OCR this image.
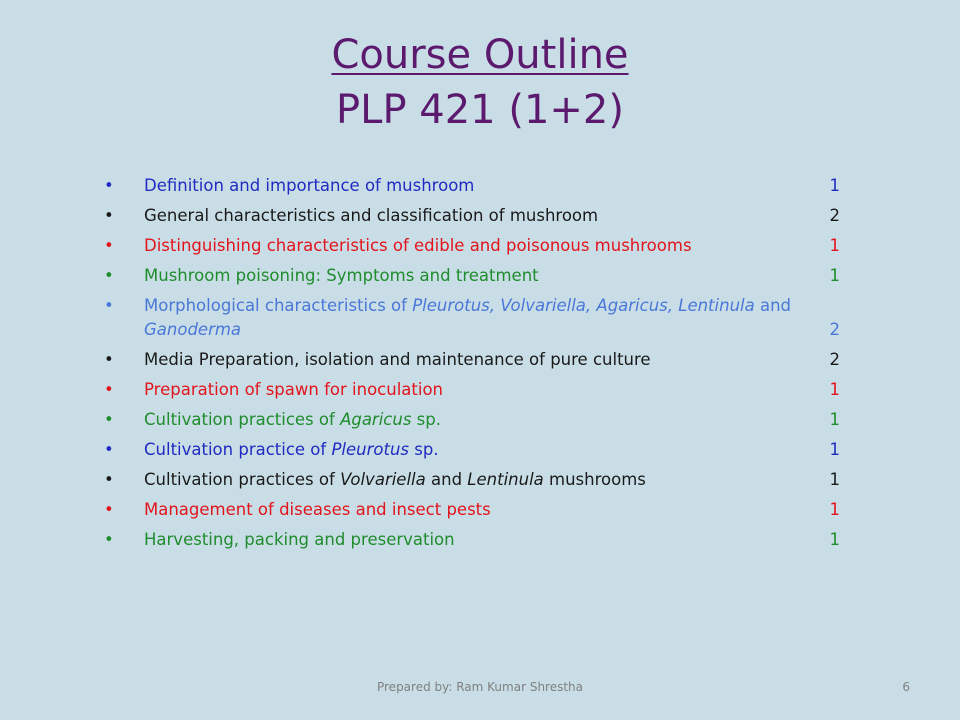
Course Outline
PLP 421 (1+2)
• Definition and importance of mushroom	1
• General characteristics and classification of mushroom	2
• Distinguishing characteristics of edible and poisonous mushrooms	1
• Mushroom poisoning: Symptoms and treatment	1
• Morphological characteristics of Pleurotus, Volvariella, Agaricus, Lentinula and Ganoderma	2
• Media Preparation, isolation and maintenance of pure culture	2
• Preparation of spawn for inoculation	1
• Cultivation practices of Agaricus sp.	1
• Cultivation practice of Pleurotus sp.	1
• Cultivation practices of Volvariella and Lentinula mushrooms	1
• Management of diseases and insect pests	1
• Harvesting, packing and preservation	1
Prepared by: Ram Kumar Shrestha	6
